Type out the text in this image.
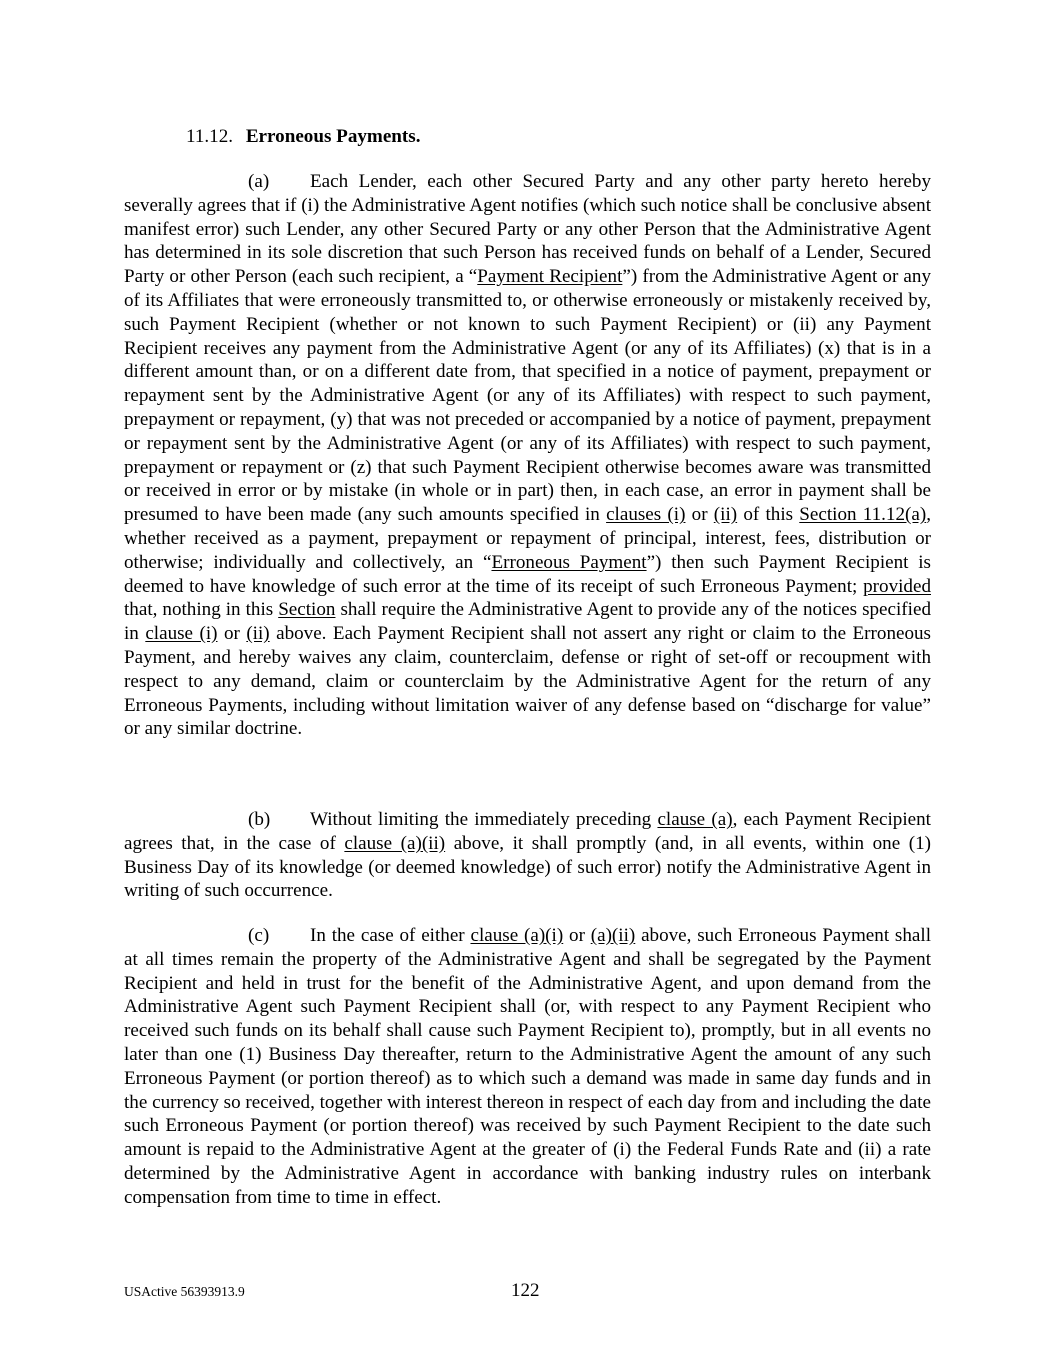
11.12. Erroneous Payments.

(a) Each Lender, each other Secured Party and any other party hereto hereby severally agrees that if (i) the Administrative Agent notifies (which such notice shall be conclusive absent manifest error) such Lender, any other Secured Party or any other Person that the Administrative Agent has determined in its sole discretion that such Person has received funds on behalf of a Lender, Secured Party or other Person (each such recipient, a “Payment Recipient”) from the Administrative Agent or any of its Affiliates that were erroneously transmitted to, or otherwise erroneously or mistakenly received by, such Payment Recipient (whether or not known to such Payment Recipient) or (ii) any Payment Recipient receives any payment from the Administrative Agent (or any of its Affiliates) (x) that is in a different amount than, or on a different date from, that specified in a notice of payment, prepayment or repayment sent by the Administrative Agent (or any of its Affiliates) with respect to such payment, prepayment or repayment, (y) that was not preceded or accompanied by a notice of payment, prepayment or repayment sent by the Administrative Agent (or any of its Affiliates) with respect to such payment, prepayment or repayment or (z) that such Payment Recipient otherwise becomes aware was transmitted or received in error or by mistake (in whole or in part) then, in each case, an error in payment shall be presumed to have been made (any such amounts specified in clauses (i) or (ii) of this Section 11.12(a), whether received as a payment, prepayment or repayment of principal, interest, fees, distribution or otherwise; individually and collectively, an “Erroneous Payment”) then such Payment Recipient is deemed to have knowledge of such error at the time of its receipt of such Erroneous Payment; provided that, nothing in this Section shall require the Administrative Agent to provide any of the notices specified in clause (i) or (ii) above. Each Payment Recipient shall not assert any right or claim to the Erroneous Payment, and hereby waives any claim, counterclaim, defense or right of set-off or recoupment with respect to any demand, claim or counterclaim by the Administrative Agent for the return of any Erroneous Payments, including without limitation waiver of any defense based on “discharge for value” or any similar doctrine.

(b) Without limiting the immediately preceding clause (a), each Payment Recipient agrees that, in the case of clause (a)(ii) above, it shall promptly (and, in all events, within one (1) Business Day of its knowledge (or deemed knowledge) of such error) notify the Administrative Agent in writing of such occurrence.

(c) In the case of either clause (a)(i) or (a)(ii) above, such Erroneous Payment shall at all times remain the property of the Administrative Agent and shall be segregated by the Payment Recipient and held in trust for the benefit of the Administrative Agent, and upon demand from the Administrative Agent such Payment Recipient shall (or, with respect to any Payment Recipient who received such funds on its behalf shall cause such Payment Recipient to), promptly, but in all events no later than one (1) Business Day thereafter, return to the Administrative Agent the amount of any such Erroneous Payment (or portion thereof) as to which such a demand was made in same day funds and in the currency so received, together with interest thereon in respect of each day from and including the date such Erroneous Payment (or portion thereof) was received by such Payment Recipient to the date such amount is repaid to the Administrative Agent at the greater of (i) the Federal Funds Rate and (ii) a rate determined by the Administrative Agent in accordance with banking industry rules on interbank compensation from time to time in effect.

USActive 56393913.9	122
